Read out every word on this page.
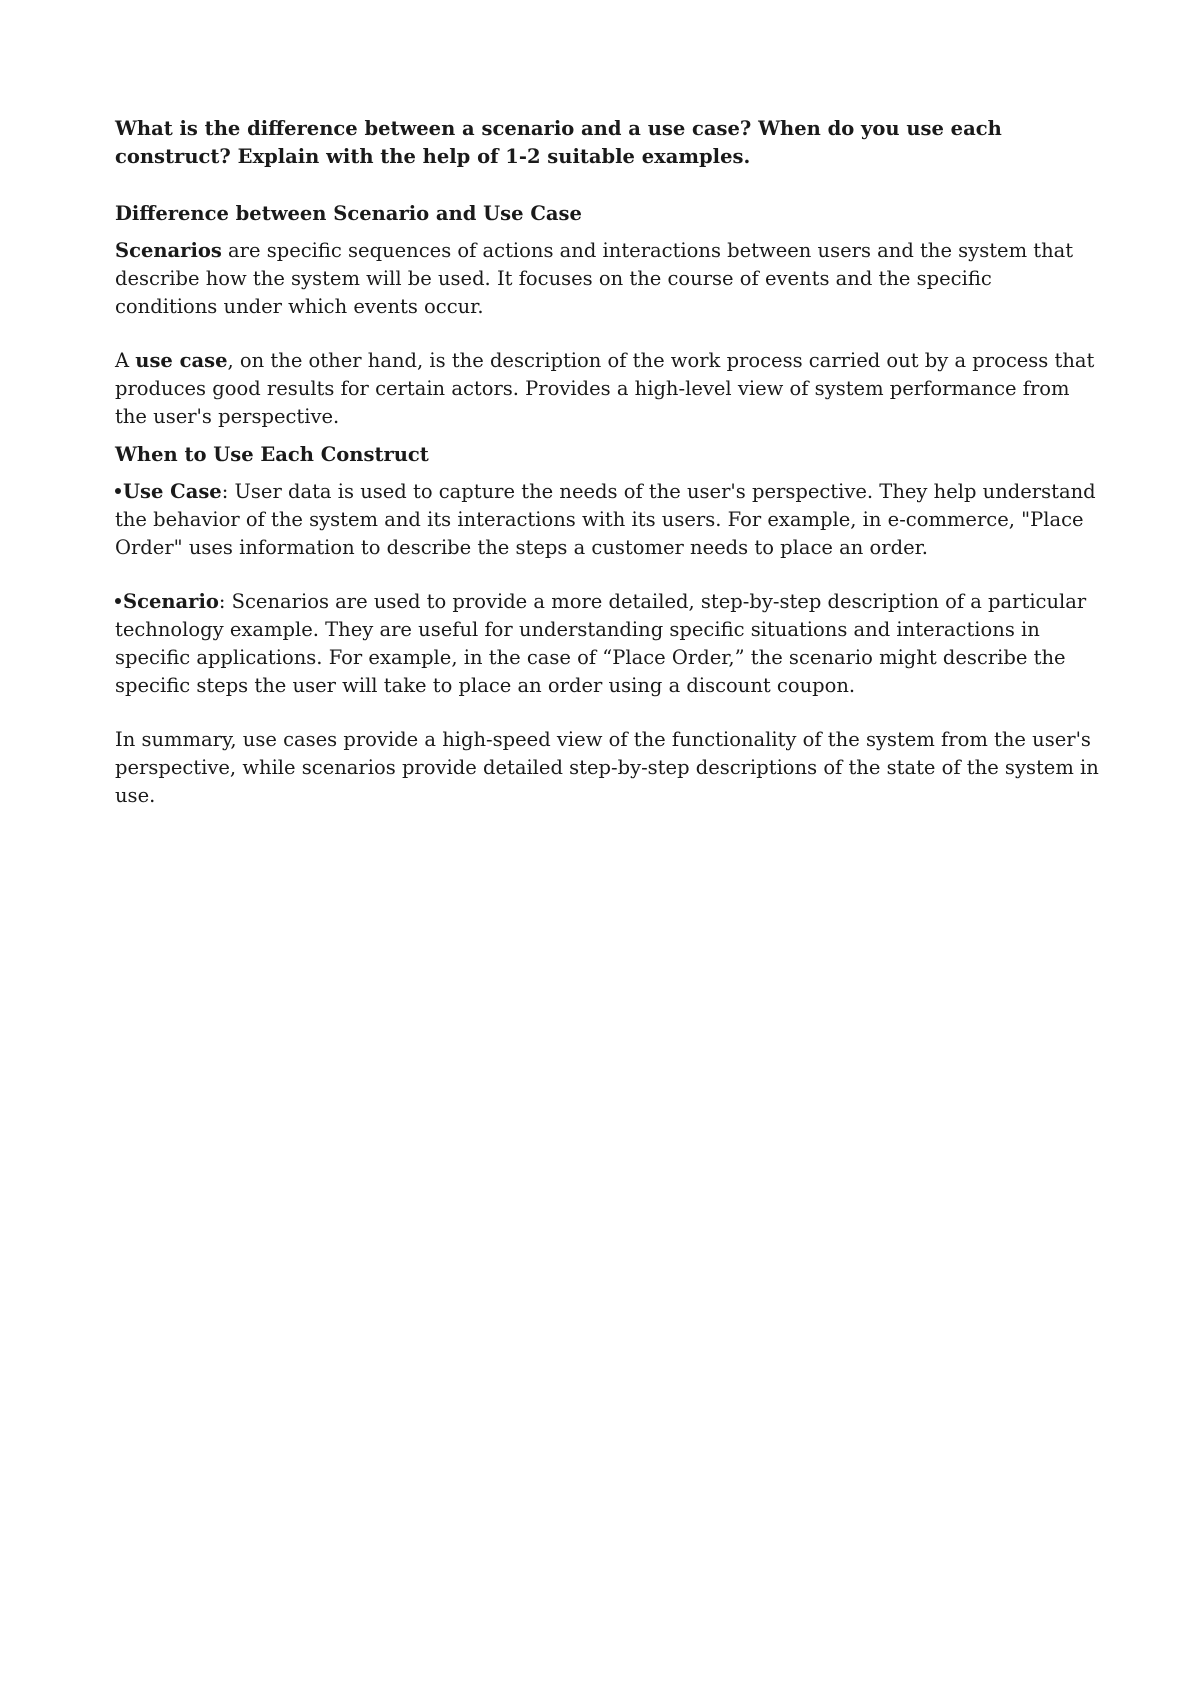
What is the difference between a scenario and a use case? When do you use each construct? Explain with the help of 1-2 suitable examples.

Difference between Scenario and Use Case

Scenarios are specific sequences of actions and interactions between users and the system that describe how the system will be used. It focuses on the course of events and the specific conditions under which events occur.

A use case, on the other hand, is the description of the work process carried out by a process that produces good results for certain actors. Provides a high-level view of system performance from the user's perspective.

When to Use Each Construct

Use Case: User data is used to capture the needs of the user's perspective. They help understand the behavior of the system and its interactions with its users. For example, in e-commerce, "Place Order" uses information to describe the steps a customer needs to place an order.

Scenario: Scenarios are used to provide a more detailed, step-by-step description of a particular technology example. They are useful for understanding specific situations and interactions in specific applications. For example, in the case of “Place Order,” the scenario might describe the specific steps the user will take to place an order using a discount coupon.

In summary, use cases provide a high-speed view of the functionality of the system from the user's perspective, while scenarios provide detailed step-by-step descriptions of the state of the system in use.
